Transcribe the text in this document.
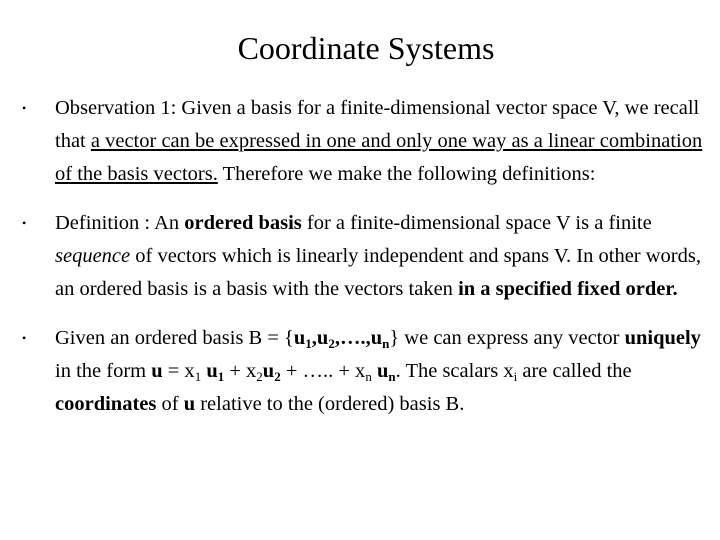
Coordinate Systems
• Observation 1: Given a basis for a finite-dimensional vector space V, we recall that a vector can be expressed in one and only one way as a linear combination of the basis vectors. Therefore we make the following definitions:
• Definition : An ordered basis for a finite-dimensional space V is a finite sequence of vectors which is linearly independent and spans V. In other words, an ordered basis is a basis with the vectors taken in a specified fixed order.
• Given an ordered basis $B = \{u_1,u_2,\dots.,u_n\}$ we can express any vector uniquely in the form $u = x_1$ $u_1 + x_2u_2$ + ….. + $x_n$ $u_n$. The scalars $x_i$ are called the coordinates of u relative to the (ordered) basis B.
